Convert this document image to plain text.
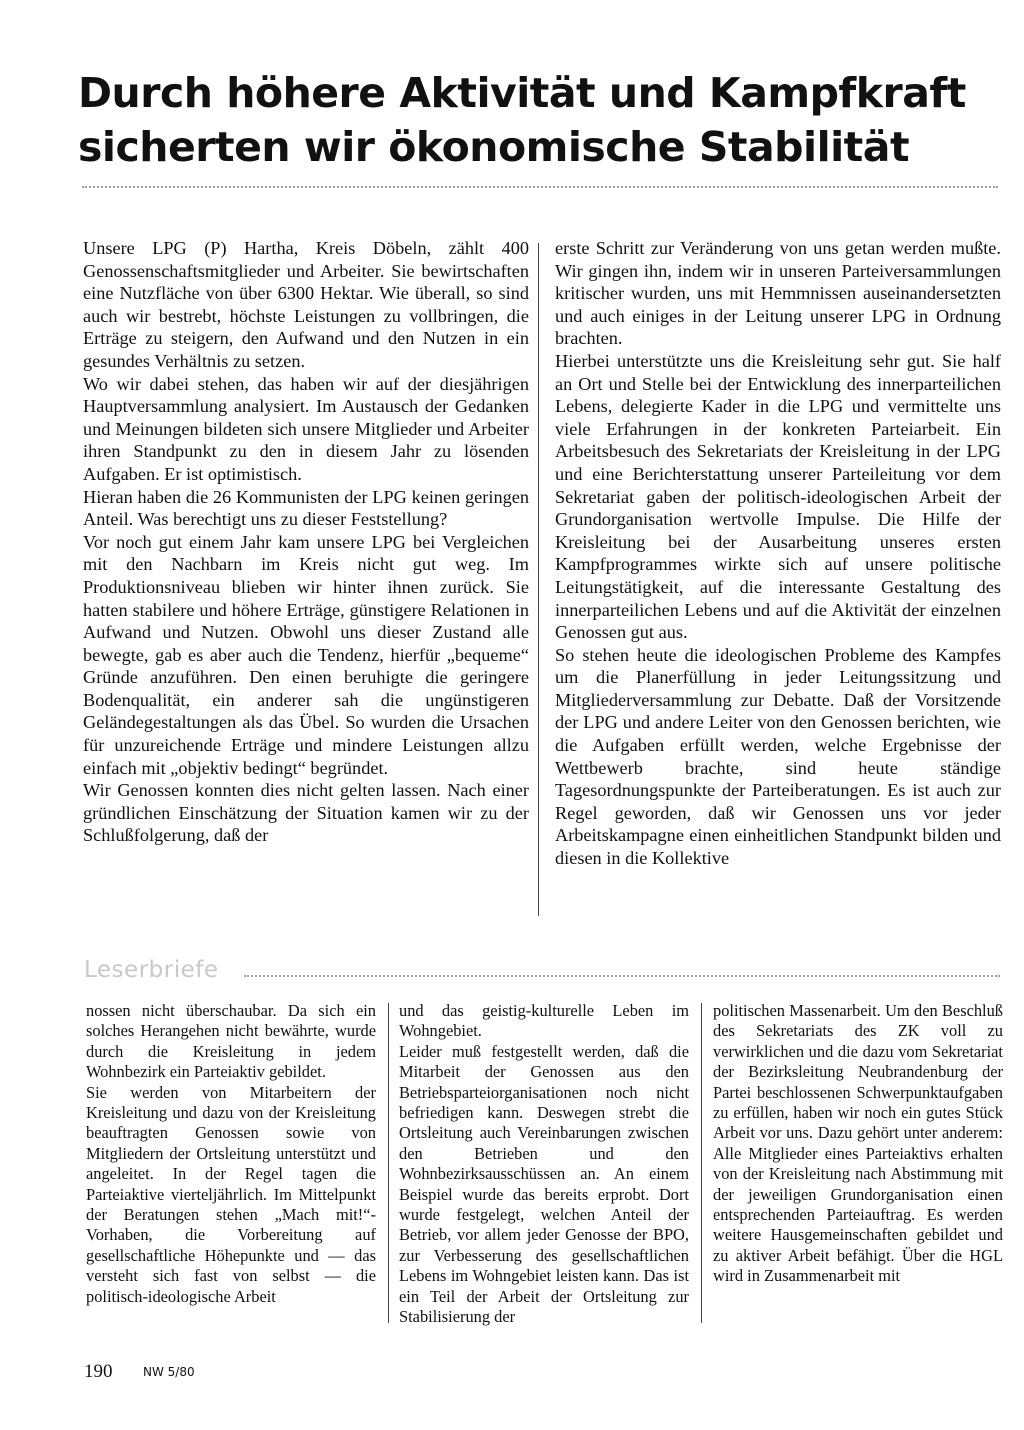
Durch höhere Aktivität und Kampfkraft
sicherten wir ökonomische Stabilität

Unsere LPG (P) Hartha, Kreis Döbeln, zählt 400 Genossenschaftsmitglieder und Arbeiter. Sie bewirtschaften eine Nutzfläche von über 6300 Hektar. Wie überall, so sind auch wir bestrebt, höchste Leistungen zu vollbringen, die Erträge zu steigern, den Aufwand und den Nutzen in ein gesundes Verhältnis zu setzen.

Wo wir dabei stehen, das haben wir auf der diesjährigen Hauptversammlung analysiert. Im Austausch der Gedanken und Meinungen bildeten sich unsere Mitglieder und Arbeiter ihren Standpunkt zu den in diesem Jahr zu lösenden Aufgaben. Er ist optimistisch.

Hieran haben die 26 Kommunisten der LPG keinen geringen Anteil. Was berechtigt uns zu dieser Feststellung?

Vor noch gut einem Jahr kam unsere LPG bei Vergleichen mit den Nachbarn im Kreis nicht gut weg. Im Produktionsniveau blieben wir hinter ihnen zurück. Sie hatten stabilere und höhere Erträge, günstigere Relationen in Aufwand und Nutzen. Obwohl uns dieser Zustand alle bewegte, gab es aber auch die Tendenz, hierfür „bequeme“ Gründe anzuführen. Den einen beruhigte die geringere Bodenqualität, ein anderer sah die ungünstigeren Geländegestaltungen als das Übel. So wurden die Ursachen für unzureichende Erträge und mindere Leistungen allzu einfach mit „objektiv bedingt“ begründet.

Wir Genossen konnten dies nicht gelten lassen. Nach einer gründlichen Einschätzung der Situation kamen wir zu der Schlußfolgerung, daß der

erste Schritt zur Veränderung von uns getan werden mußte. Wir gingen ihn, indem wir in unseren Parteiversammlungen kritischer wurden, uns mit Hemmnissen auseinandersetzten und auch einiges in der Leitung unserer LPG in Ordnung brachten.

Hierbei unterstützte uns die Kreisleitung sehr gut. Sie half an Ort und Stelle bei der Entwicklung des innerparteilichen Lebens, delegierte Kader in die LPG und vermittelte uns viele Erfahrungen in der konkreten Parteiarbeit. Ein Arbeitsbesuch des Sekretariats der Kreisleitung in der LPG und eine Berichterstattung unserer Parteileitung vor dem Sekretariat gaben der politisch-ideologischen Arbeit der Grundorganisation wertvolle Impulse. Die Hilfe der Kreisleitung bei der Ausarbeitung unseres ersten Kampfprogrammes wirkte sich auf unsere politische Leitungstätigkeit, auf die interessante Gestaltung des innerparteilichen Lebens und auf die Aktivität der einzelnen Genossen gut aus.

So stehen heute die ideologischen Probleme des Kampfes um die Planerfüllung in jeder Leitungssitzung und Mitgliederversammlung zur Debatte. Daß der Vorsitzende der LPG und andere Leiter von den Genossen berichten, wie die Aufgaben erfüllt werden, welche Ergebnisse der Wettbewerb brachte, sind heute ständige Tagesordnungspunkte der Parteiberatungen. Es ist auch zur Regel geworden, daß wir Genossen uns vor jeder Arbeitskampagne einen einheitlichen Standpunkt bilden und diesen in die Kollektive

Leserbriefe

nossen nicht überschaubar. Da sich ein solches Herangehen nicht bewährte, wurde durch die Kreisleitung in jedem Wohnbezirk ein Parteiaktiv gebildet.

Sie werden von Mitarbeitern der Kreisleitung und dazu von der Kreisleitung beauftragten Genossen sowie von Mitgliedern der Ortsleitung unterstützt und angeleitet. In der Regel tagen die Parteiaktive vierteljährlich. Im Mittelpunkt der Beratungen stehen „Mach mit!“-Vorhaben, die Vorbereitung auf gesellschaftliche Höhepunkte und — das versteht sich fast von selbst — die politisch-ideologische Arbeit

und das geistig-kulturelle Leben im Wohngebiet.

Leider muß festgestellt werden, daß die Mitarbeit der Genossen aus den Betriebsparteiorganisationen noch nicht befriedigen kann. Deswegen strebt die Ortsleitung auch Vereinbarungen zwischen den Betrieben und den Wohnbezirksausschüssen an. An einem Beispiel wurde das bereits erprobt. Dort wurde festgelegt, welchen Anteil der Betrieb, vor allem jeder Genosse der BPO, zur Verbesserung des gesellschaftlichen Lebens im Wohngebiet leisten kann. Das ist ein Teil der Arbeit der Ortsleitung zur Stabilisierung der

politischen Massenarbeit. Um den Beschluß des Sekretariats des ZK voll zu verwirklichen und die dazu vom Sekretariat der Bezirksleitung Neubrandenburg der Partei beschlossenen Schwerpunktaufgaben zu erfüllen, haben wir noch ein gutes Stück Arbeit vor uns. Dazu gehört unter anderem: Alle Mitglieder eines Parteiaktivs erhalten von der Kreisleitung nach Abstimmung mit der jeweiligen Grundorganisation einen entsprechenden Parteiauftrag. Es werden weitere Hausgemeinschaften gebildet und zu aktiver Arbeit befähigt. Über die HGL wird in Zusammenarbeit mit

190	NW 5/80
